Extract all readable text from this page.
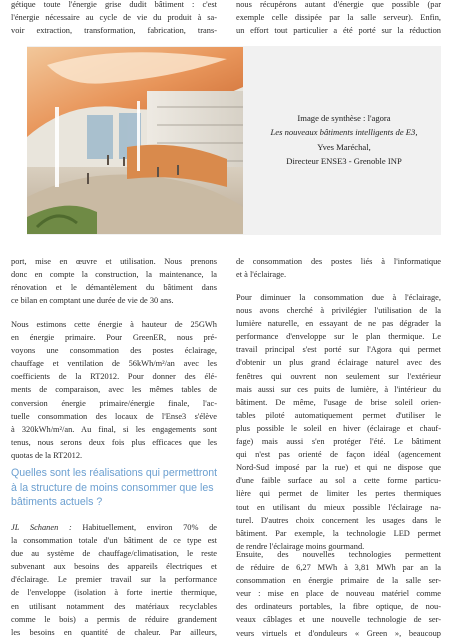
gétique toute l'énergie grise dudit bâtiment : c'est
l'énergie nécessaire au cycle de vie du produit à sa-
voir extraction, transformation, fabrication, trans-
Image de synthèse : l'agora
Les nouveaux bâtiments intelligents de E3,
Yves Maréchal,
Directeur ENSE3 - Grenoble INP
port, mise en œuvre et utilisation. Nous prenons
donc en compte la construction, la maintenance, la
rénovation et le démantèlement du bâtiment dans
ce bilan en comptant une durée de vie de 30 ans.
Nous estimons cette énergie à hauteur de 25GWh
en énergie primaire. Pour GreenER, nous pré-
voyons une consommation des postes éclairage,
chauffage et ventilation de 56kWh/m²/an avec les
coefficients de la RT2012. Pour donner des élé-
ments de comparaison, avec les mêmes tables de
conversion énergie primaire/énergie finale, l'ac-
tuelle consommation des locaux de l'Ense3 s'élève
à 320kWh/m²/an. Au final, si les engagements sont
tenus, nous serons deux fois plus efficaces que les
quotas de la RT2012.
Quelles sont les réalisations qui permettront
à la structure de moins consommer que les
bâtiments actuels ?
JL Schanen : Habituellement, environ 70% de
la consommation totale d'un bâtiment de ce type est
due au système de chauffage/climatisation, le reste
subvenant aux besoins des appareils électriques et
d'éclairage. Le premier travail sur la performance
de l'enveloppe (isolation à forte inertie thermique,
en utilisant notamment des matériaux recyclables
comme le bois) a permis de réduire grandement
les besoins en quantité de chaleur. Par ailleurs,
nous récupérons autant d'énergie que possible (par
exemple celle dissipée par la salle serveur). Enfin,
un effort tout particulier a été porté sur la réduction
de consommation des postes liés à l'informatique
et à l'éclairage.
Pour diminuer la consommation due à l'éclairage,
nous avons cherché à privilégier l'utilisation de la
lumière naturelle, en essayant de ne pas dégrader la
performance d'enveloppe sur le plan thermique. Le
travail principal s'est porté sur l'Agora qui permet
d'obtenir un plus grand éclairage naturel avec des
fenêtres qui ouvrent non seulement sur l'extérieur
mais aussi sur ces puits de lumière, à l'intérieur du
bâtiment. De même, l'usage de brise soleil orien-
tables piloté automatiquement permet d'utiliser le
plus possible le soleil en hiver (éclairage et chauf-
fage) mais aussi s'en protéger l'été. Le bâtiment
qui n'est pas orienté de façon idéal (agencement
Nord-Sud imposé par la rue) et qui ne dispose que
d'une faible surface au sol a cette forme particu-
lière qui permet de limiter les pertes thermiques
tout en utilisant du mieux possible l'éclairage na-
turel. D'autres choix concernent les usages dans le
bâtiment. Par exemple, la technologie LED permet
de rendre l'éclairage moins gourmand.
Ensuite, des nouvelles technologies permettent
de réduire de 6,27 MWh à 3,81 MWh par an la
consommation en énergie primaire de la salle ser-
veur : mise en place de nouveau matériel comme
des ordinateurs portables, la fibre optique, de nou-
veaux câblages et une nouvelle technologie de ser-
veurs virtuels et d'onduleurs « Green », beaucoup
